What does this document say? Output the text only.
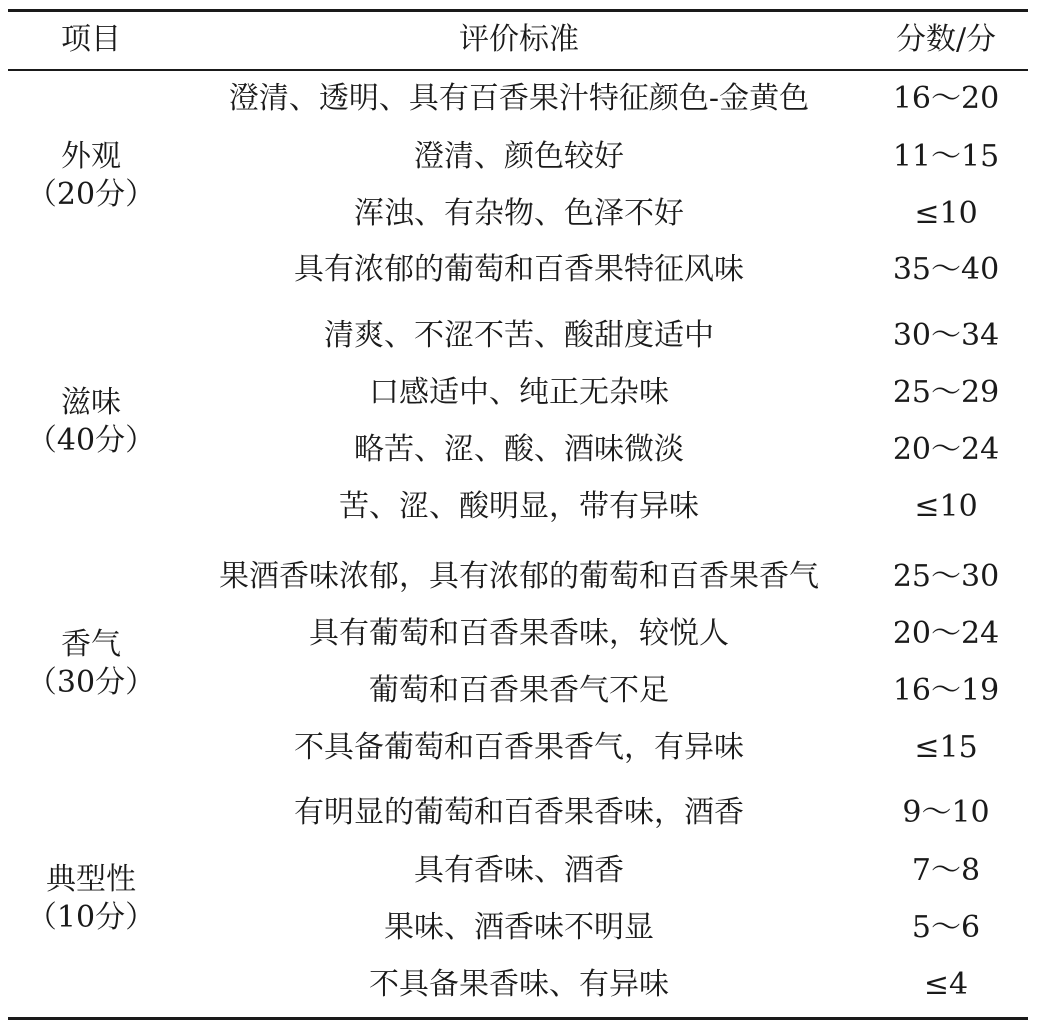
项目	评价标准	分数/分
外观
（20分）
澄清、透明、具有百香果汁特征颜色-金黄色	16～20
澄清、颜色较好	11～15
浑浊、有杂物、色泽不好	≤10
滋味
（40分）
具有浓郁的葡萄和百香果特征风味	35～40
清爽、不涩不苦、酸甜度适中	30～34
口感适中、纯正无杂味	25～29
略苦、涩、酸、酒味微淡	20～24
苦、涩、酸明显，带有异味	≤10
香气
（30分）
果酒香味浓郁，具有浓郁的葡萄和百香果香气 25～30
具有葡萄和百香果香味，较悦人	20～24
葡萄和百香果香气不足	16～19
不具备葡萄和百香果香气，有异味	≤15
典型性
（10分）
有明显的葡萄和百香果香味，酒香	9～10
具有香味、酒香	7～8
果味、酒香味不明显	5～6
不具备果香味、有异味	≤4
